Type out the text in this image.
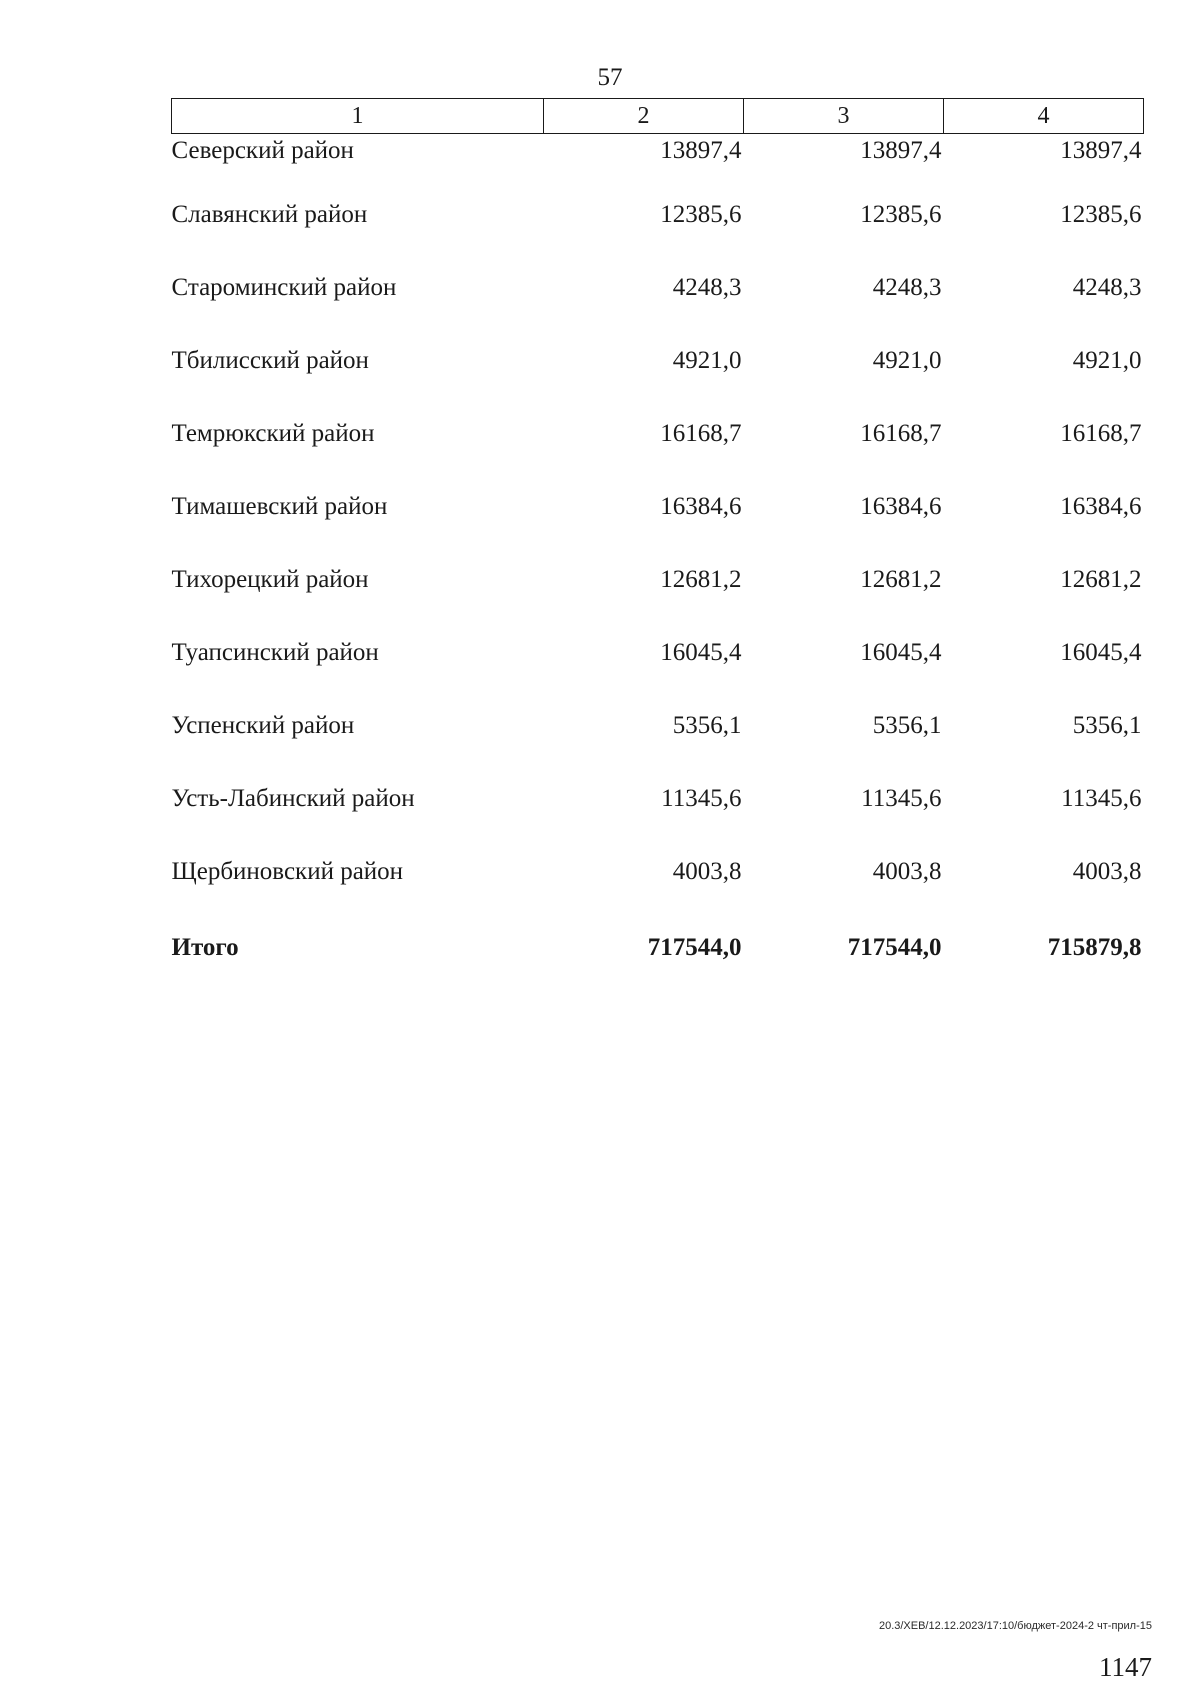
57
1	2	3	4
Северский район	13897,4	13897,4	13897,4
Славянский район	12385,6	12385,6	12385,6
Староминский район	4248,3	4248,3	4248,3
Тбилисский район	4921,0	4921,0	4921,0
Темрюкский район	16168,7	16168,7	16168,7
Тимашевский район	16384,6	16384,6	16384,6
Тихорецкий район	12681,2	12681,2	12681,2
Туапсинский район	16045,4	16045,4	16045,4
Успенский район	5356,1	5356,1	5356,1
Усть-Лабинский район	11345,6	11345,6	11345,6
Щербиновский район	4003,8	4003,8	4003,8
Итого	717544,0	717544,0	715879,8
20.3/ХЕВ/12.12.2023/17:10/бюджет-2024-2 чт-прил-15
1147
